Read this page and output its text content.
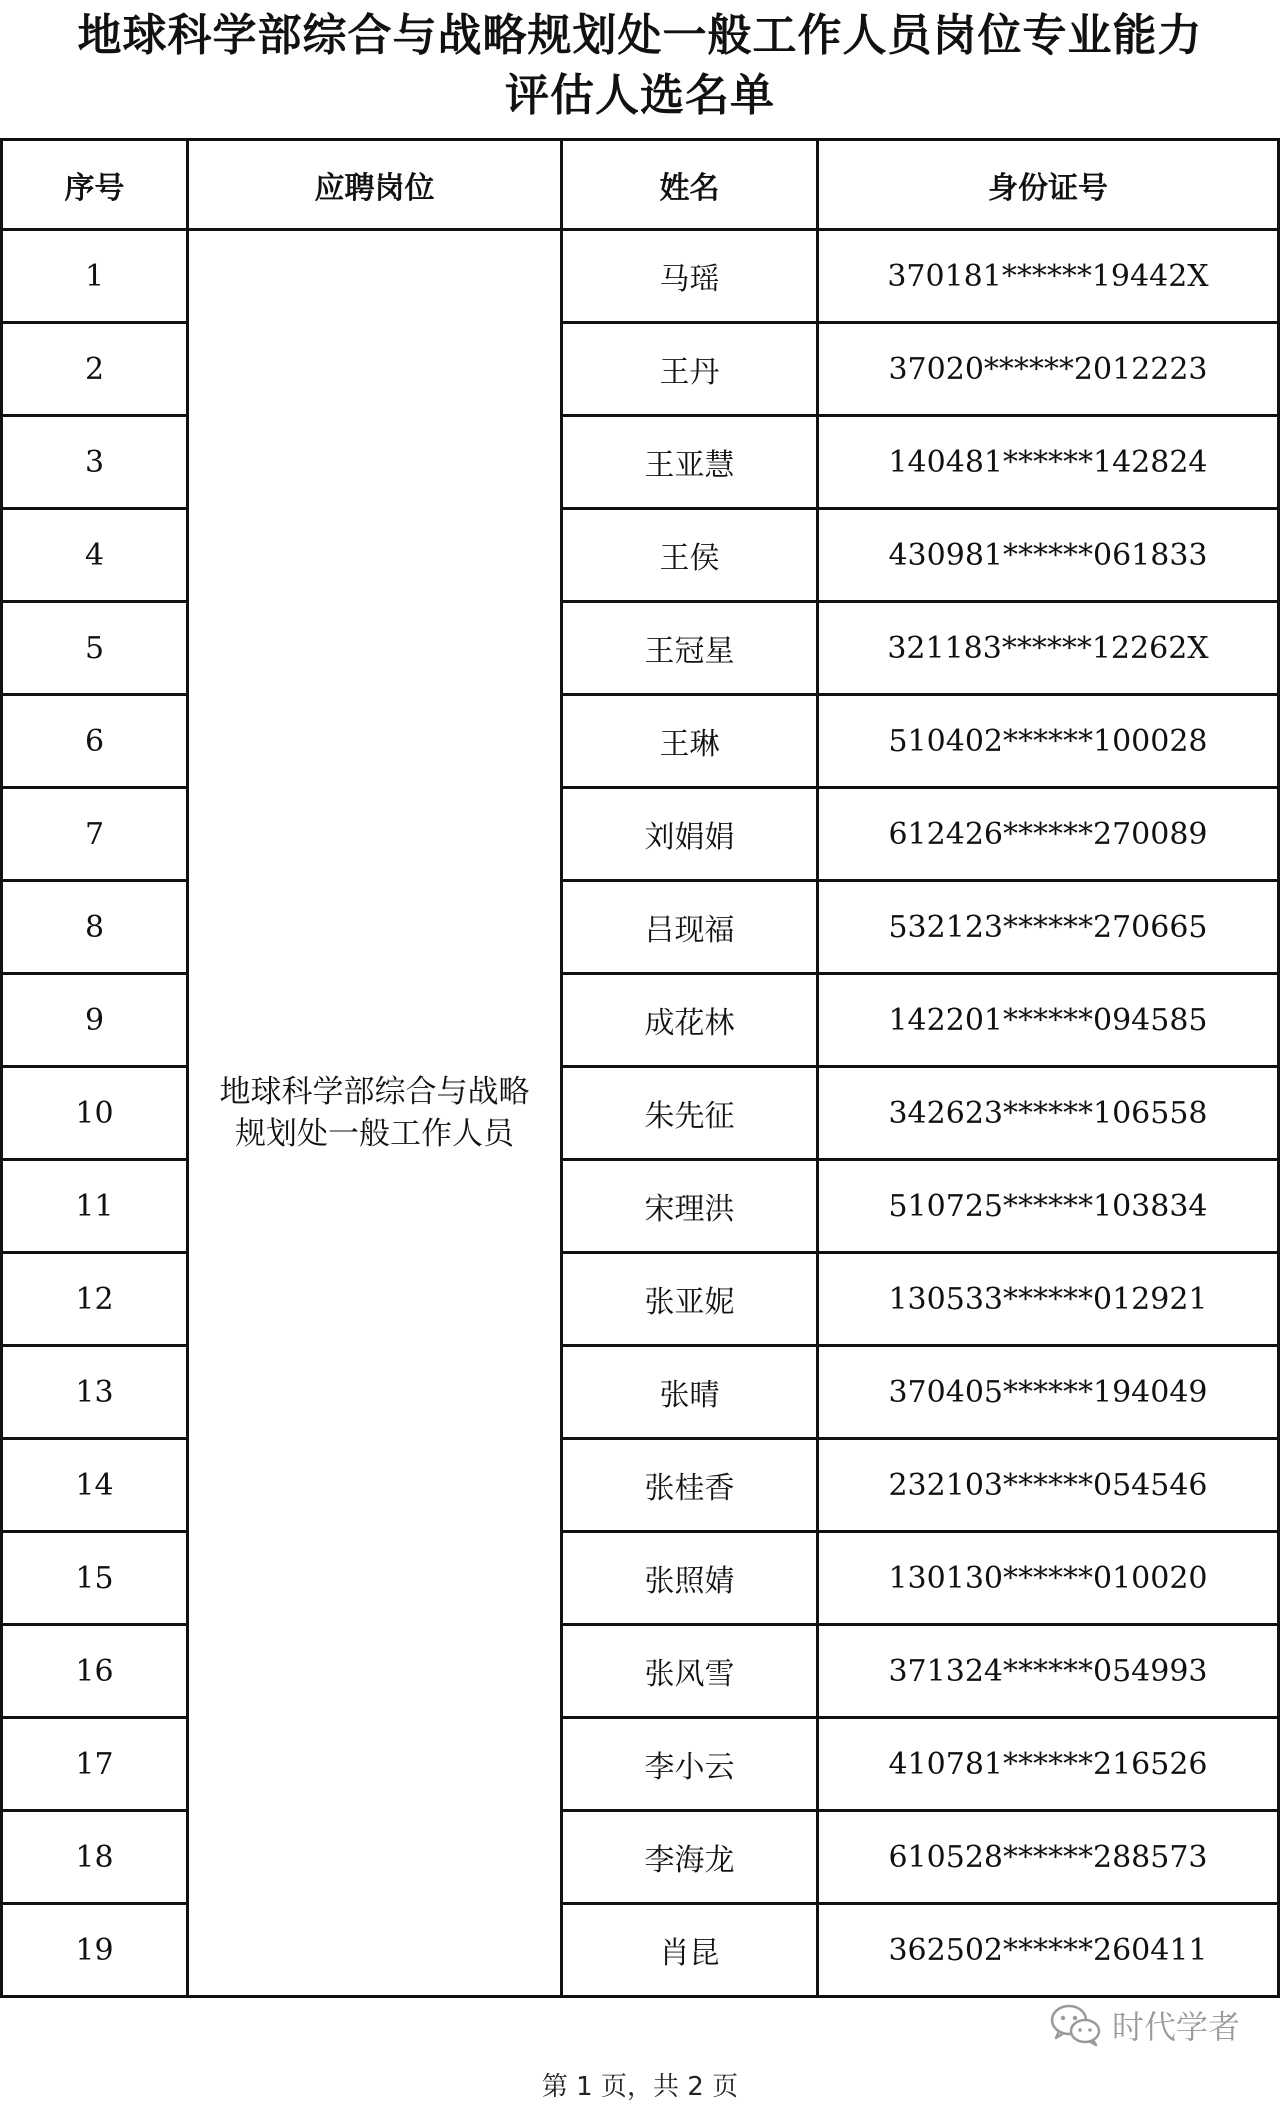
地球科学部综合与战略规划处一般工作人员岗位专业能力
评估人选名单
序号	应聘岗位	姓名	身份证号
1	地球科学部综合与战略规划处一般工作人员	马瑶	370181******19442X
2		王丹	37020******2012223
3		王亚慧	140481******142824
4		王侯	430981******061833
5		王冠星	321183******12262X
6		王琳	510402******100028
7		刘娟娟	612426******270089
8		吕现福	532123******270665
9		成花林	142201******094585
10		朱先征	342623******106558
11		宋理洪	510725******103834
12		张亚妮	130533******012921
13		张晴	370405******194049
14		张桂香	232103******054546
15		张照婧	130130******010020
16		张风雪	371324******054993
17		李小云	410781******216526
18		李海龙	610528******288573
19		肖昆	362502******260411
第 1 页，共 2 页
时代学者
